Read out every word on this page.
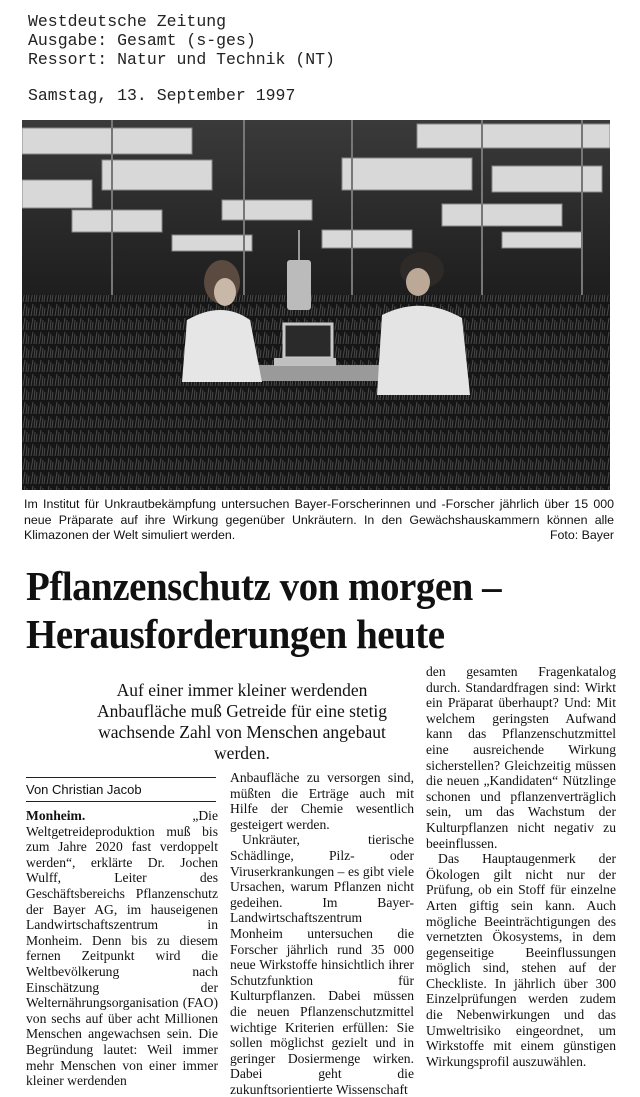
Westdeutsche Zeitung
Ausgabe: Gesamt (s-ges)
Ressort: Natur und Technik (NT)
Samstag, 13. September 1997
Im Institut für Unkrautbekämpfung untersuchen Bayer-Forscherinnen und -Forscher jährlich über 15 000 neue Präparate auf ihre Wirkung gegenüber Unkräutern. In den Gewächshauskammern können alle Klimazonen der Welt simuliert werden.	Foto: Bayer
Pflanzenschutz von morgen –
Herausforderungen heute
Auf einer immer kleiner werdenden Anbaufläche muß Getreide für eine stetig wachsende Zahl von Menschen angebaut werden.
Von Christian Jacob

Monheim.	„Die Weltgetreideproduktion muß bis zum Jahre 2020 fast verdoppelt werden“, erklärte Dr. Jochen Wulff, Leiter des Geschäftsbereichs Pflanzenschutz der Bayer AG, im hauseigenen Landwirtschaftszentrum in Monheim. Denn bis zu diesem fernen Zeitpunkt wird die Weltbevölkerung nach Einschätzung der Welternährungsorganisation (FAO) von sechs auf über acht Millionen Menschen angewachsen sein. Die Begründung lautet: Weil immer mehr Menschen von einer immer kleiner werdenden

Anbaufläche zu versorgen sind, müßten die Erträge auch mit Hilfe der Chemie wesentlich gesteigert werden.

Unkräuter, tierische Schädlinge, Pilz- oder Viruserkrankungen – es gibt viele Ursachen, warum Pflanzen nicht gedeihen. Im Bayer-Landwirtschaftszentrum Monheim untersuchen die Forscher jährlich rund 35 000 neue Wirkstoffe hinsichtlich ihrer Schutzfunktion für Kulturpflanzen. Dabei müssen die neuen Pflanzenschutzmittel wichtige Kriterien erfüllen: Sie sollen möglichst gezielt und in geringer Dosiermenge wirken. Dabei geht die zukunftsorientierte Wissenschaft

den gesamten Fragenkatalog durch. Standardfragen sind: Wirkt ein Präparat überhaupt? Und: Mit welchem geringsten Aufwand kann das Pflanzenschutzmittel eine ausreichende Wirkung sicherstellen? Gleichzeitig müssen die neuen „Kandidaten“ Nützlinge schonen und pflanzenverträglich sein, um das Wachstum der Kulturpflanzen nicht negativ zu beeinflussen.

Das Hauptaugenmerk der Ökologen gilt nicht nur der Prüfung, ob ein Stoff für einzelne Arten giftig sein kann. Auch mögliche Beeinträchtigungen des vernetzten Ökosystems, in dem gegenseitige Beeinflussungen möglich sind, stehen auf der Checkliste. In jährlich über 300 Einzelprüfungen werden zudem die Nebenwirkungen und das Umweltrisiko eingeordnet, um Wirkstoffe mit einem günstigen Wirkungsprofil auszuwählen.
